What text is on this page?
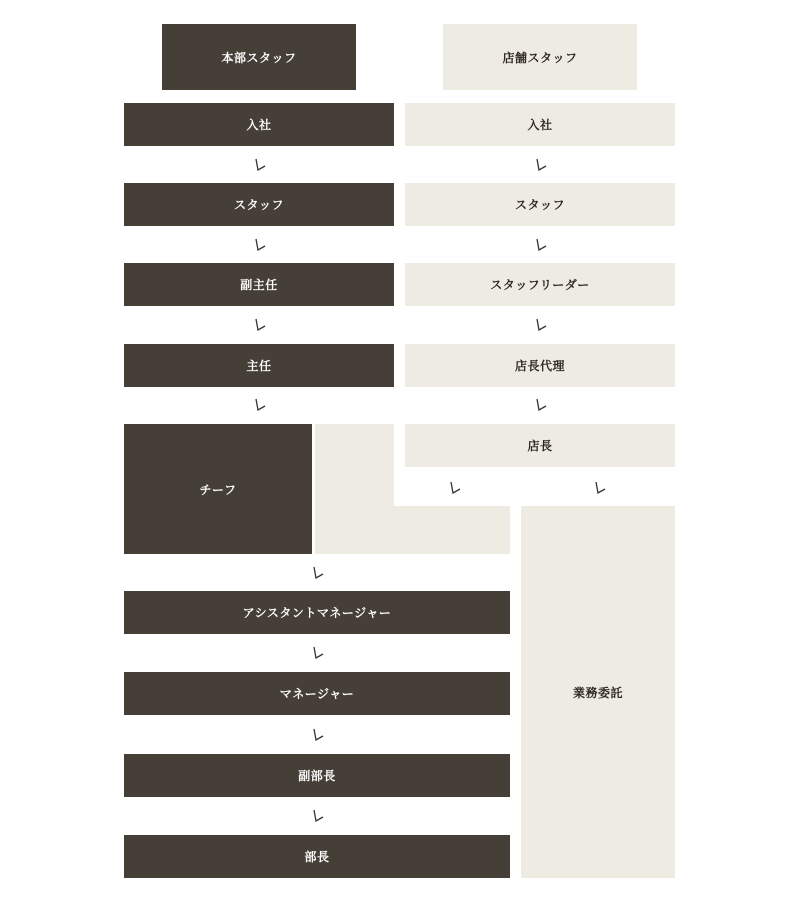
本部スタッフ	店舗スタッフ
入社
スタッフ
副主任
主任
入社
スタッフ
スタッフリーダー
店長代理
店長
チーフ
アシスタントマネージャー
マネージャー
副部長
部長
業務委託
